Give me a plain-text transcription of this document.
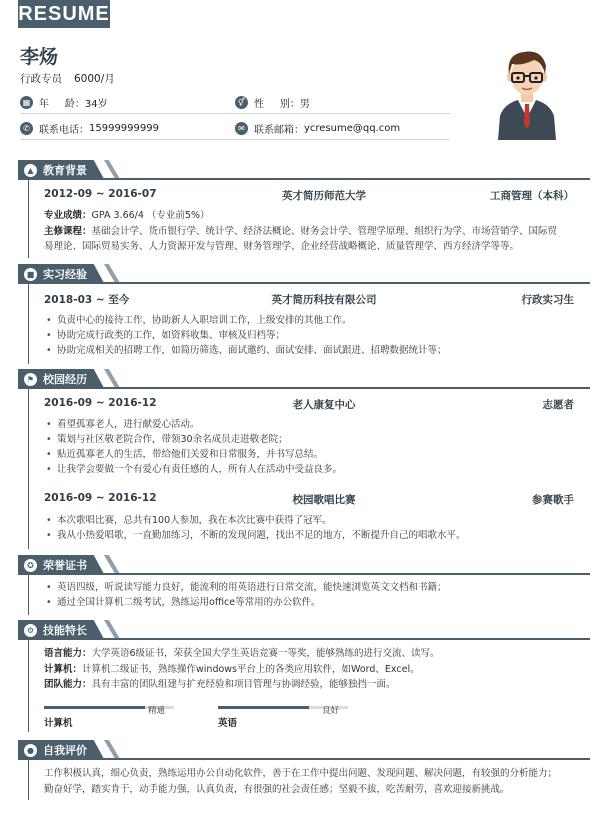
RESUME
李炀
行政专员 6000/月
▦ 年     龄： 34岁	⚥ 性     别： 男
✆ 联系电话： 15999999999	✉ 联系邮箱： ycresume@qq.com
▲ 教育背景
2012-09 ~ 2016-07	英才简历师范大学	工商管理（本科）
专业成绩：GPA 3.66/4 （专业前5%）
主修课程：基础会计学、货币银行学、统计学、经济法概论、财务会计学、管理学原理、组织行为学、市场营销学、国际贸
易理论、国际贸易实务、人力资源开发与管理、财务管理学、企业经营战略概论、质量管理学、西方经济学等等。
■ 实习经验
2018-03 ~ 至今	英才简历科技有限公司	行政实习生
• 负责中心的接待工作，协助新人入职培训工作，上级安排的其他工作。
• 协助完成行政类的工作，如资料收集、审核及归档等；
• 协助完成相关的招聘工作，如简历筛选、面试邀约、面试安排、面试跟进、招聘数据统计等；
⚑ 校园经历
2016-09 ~ 2016-12	老人康复中心	志愿者
• 看望孤寡老人，进行献爱心活动。
• 策划与社区敬老院合作，带领30余名成员走进敬老院；
• 贴近孤寡老人的生活，带给他们关爱和日常服务，并书写总结。
• 让我学会要做一个有爱心有责任感的人，所有人在活动中受益良多。
2016-09 ~ 2016-12	校园歌唱比赛	参赛歌手
• 本次歌唱比赛，总共有100人参加，我在本次比赛中获得了冠军。
• 我从小热爱唱歌，一直勤加练习，不断的发现问题，找出不足的地方，不断提升自己的唱歌水平。
✪ 荣誉证书
• 英语四级，听说读写能力良好，能流利的用英语进行日常交流，能快速浏览英文文档和书籍；
• 通过全国计算机二级考试，熟练运用office等常用的办公软件。
⚙ 技能特长
语言能力：大学英语6级证书，荣获全国大学生英语竞赛一等奖，能够熟练的进行交流、读写。
计算机：计算机二级证书，熟练操作windows平台上的各类应用软件，如Word、Excel。
团队能力：具有丰富的团队组建与扩充经验和项目管理与协调经验，能够独挡一面。
精通
计算机
良好
英语
● 自我评价
工作积极认真，细心负责，熟练运用办公自动化软件，善于在工作中提出问题、发现问题、解决问题，有较强的分析能力；
勤奋好学，踏实肯干，动手能力强，认真负责，有很强的社会责任感；坚毅不拔，吃苦耐劳，喜欢迎接新挑战。
